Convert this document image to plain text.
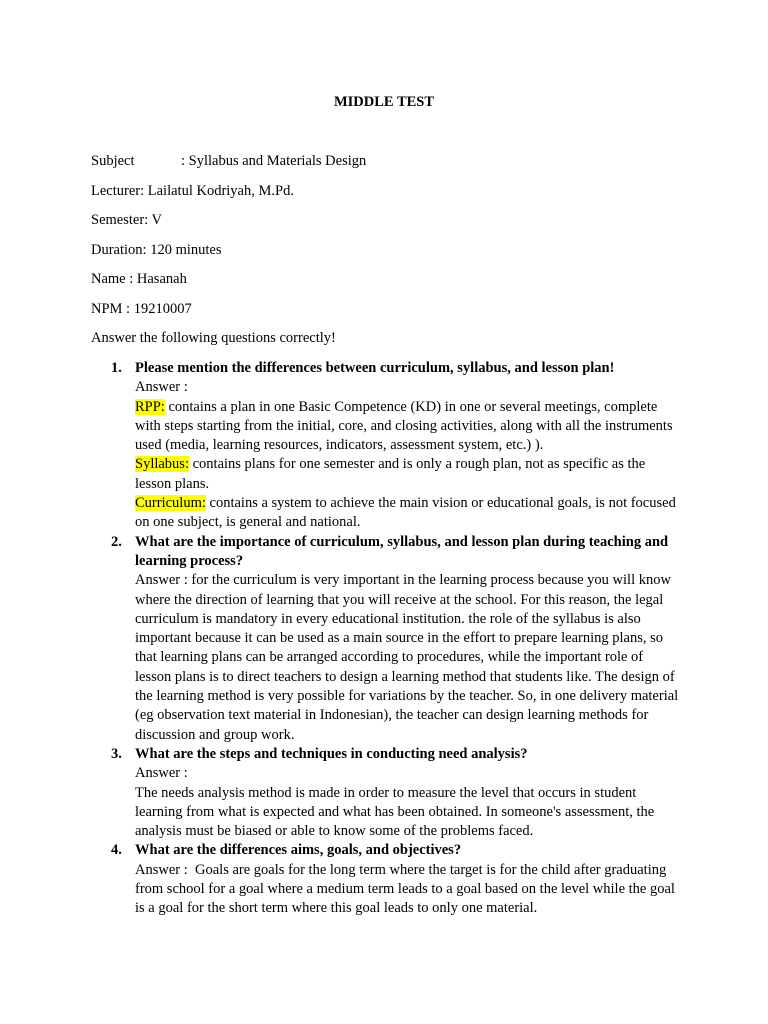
MIDDLE TEST
Subject	: Syllabus and Materials Design
Lecturer: Lailatul Kodriyah, M.Pd.
Semester: V
Duration: 120 minutes
Name : Hasanah
NPM : 19210007
Answer the following questions correctly!
1. Please mention the differences between curriculum, syllabus, and lesson plan!
Answer :
RPP: contains a plan in one Basic Competence (KD) in one or several meetings, complete with steps starting from the initial, core, and closing activities, along with all the instruments used (media, learning resources, indicators, assessment system, etc.) ).
Syllabus: contains plans for one semester and is only a rough plan, not as specific as the lesson plans.
Curriculum: contains a system to achieve the main vision or educational goals, is not focused on one subject, is general and national.
2. What are the importance of curriculum, syllabus, and lesson plan during teaching and learning process?
Answer : for the curriculum is very important in the learning process because you will know where the direction of learning that you will receive at the school. For this reason, the legal curriculum is mandatory in every educational institution. the role of the syllabus is also important because it can be used as a main source in the effort to prepare learning plans, so that learning plans can be arranged according to procedures, while the important role of lesson plans is to direct teachers to design a learning method that students like. The design of the learning method is very possible for variations by the teacher. So, in one delivery material (eg observation text material in Indonesian), the teacher can design learning methods for discussion and group work.
3. What are the steps and techniques in conducting need analysis?
Answer :
The needs analysis method is made in order to measure the level that occurs in student learning from what is expected and what has been obtained. In someone's assessment, the analysis must be biased or able to know some of the problems faced.
4. What are the differences aims, goals, and objectives?
Answer :  Goals are goals for the long term where the target is for the child after graduating from school for a goal where a medium term leads to a goal based on the level while the goal is a goal for the short term where this goal leads to only one material.
